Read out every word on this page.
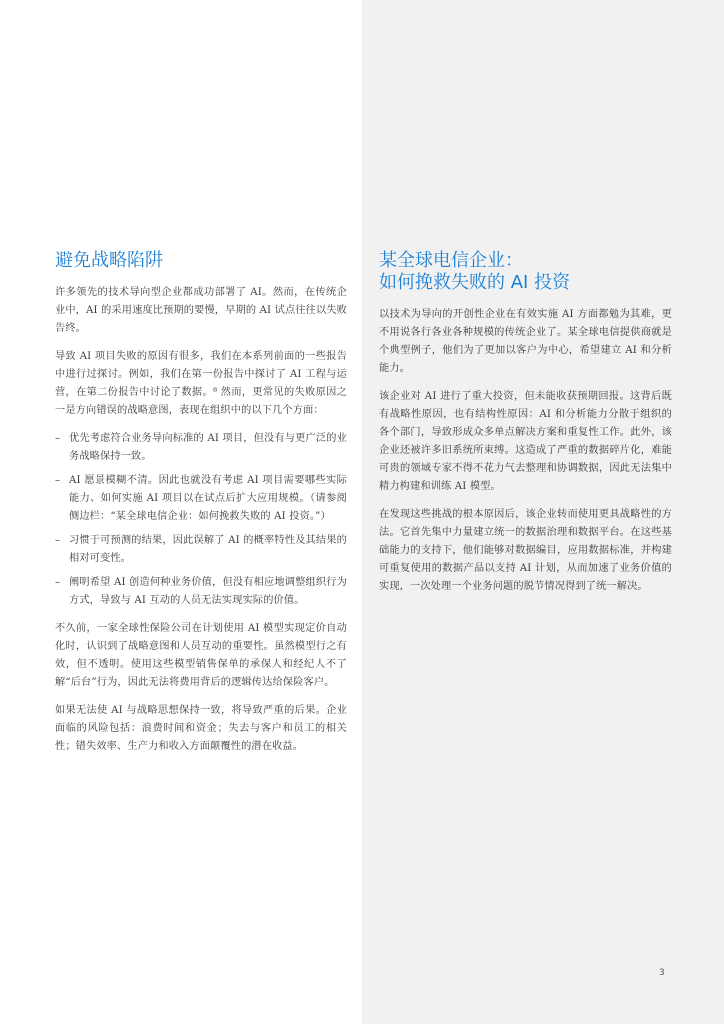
避免战略陷阱

许多领先的技术导向型企业都成功部署了 AI。然而，在传统企业中，AI 的采用速度比预期的要慢，早期的 AI 试点往往以失败告终。

导致 AI 项目失败的原因有很多，我们在本系列前面的一些报告中进行过探讨。例如，我们在第一份报告中探讨了 AI 工程与运营，在第二份报告中讨论了数据。⁸ 然而，更常见的失败原因之一是方向错误的战略意图，表现在组织中的以下几个方面：

– 优先考虑符合业务导向标准的 AI 项目，但没有与更广泛的业务战略保持一致。
– AI 愿景模糊不清。因此也就没有考虑 AI 项目需要哪些实际能力、如何实施 AI 项目以在试点后扩大应用规模。（请参阅侧边栏：“某全球电信企业：如何挽救失败的 AI 投资。”）
– 习惯于可预测的结果，因此误解了 AI 的概率特性及其结果的相对可变性。
– 阐明希望 AI 创造何种业务价值，但没有相应地调整组织行为方式，导致与 AI 互动的人员无法实现实际的价值。

不久前，一家全球性保险公司在计划使用 AI 模型实现定价自动化时，认识到了战略意图和人员互动的重要性。虽然模型行之有效，但不透明。使用这些模型销售保单的承保人和经纪人不了解“后台”行为，因此无法将费用背后的逻辑传达给保险客户。

如果无法使 AI 与战略思想保持一致，将导致严重的后果。企业面临的风险包括：浪费时间和资金；失去与客户和员工的相关性；错失效率、生产力和收入方面颠覆性的潜在收益。

某全球电信企业：
如何挽救失败的 AI 投资

以技术为导向的开创性企业在有效实施 AI 方面都勉为其难，更不用说各行各业各种规模的传统企业了。某全球电信提供商就是个典型例子，他们为了更加以客户为中心，希望建立 AI 和分析能力。

该企业对 AI 进行了重大投资，但未能收获预期回报。这背后既有战略性原因，也有结构性原因：AI 和分析能力分散于组织的各个部门，导致形成众多单点解决方案和重复性工作。此外，该企业还被许多旧系统所束缚。这造成了严重的数据碎片化，难能可贵的领域专家不得不花力气去整理和协调数据，因此无法集中精力构建和训练 AI 模型。

在发现这些挑战的根本原因后，该企业转而使用更具战略性的方法。它首先集中力量建立统一的数据治理和数据平台。在这些基础能力的支持下，他们能够对数据编目，应用数据标准，并构建可重复使用的数据产品以支持 AI 计划，从而加速了业务价值的实现，一次处理一个业务问题的脱节情况得到了统一解决。

3
